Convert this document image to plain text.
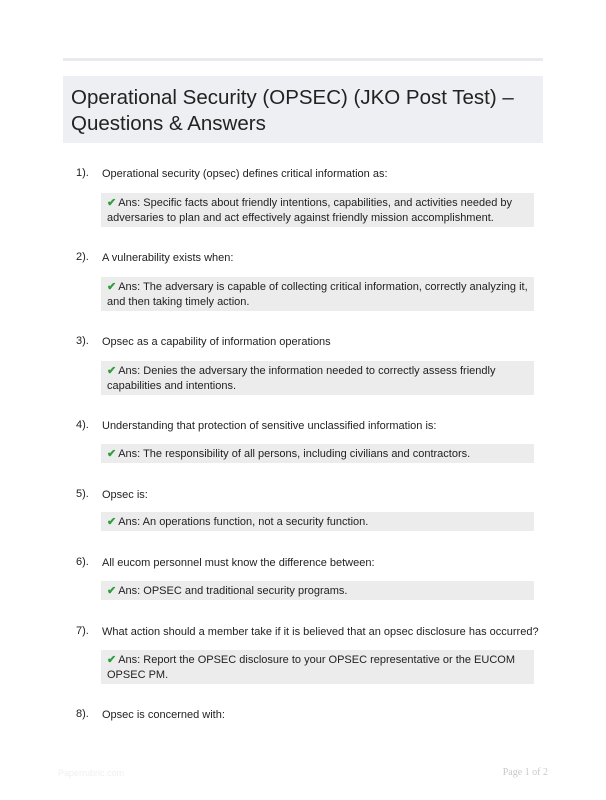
Operational Security (OPSEC) (JKO Post Test) –
Questions & Answers
1). Operational security (opsec) defines critical information as:
✔ Ans: Specific facts about friendly intentions, capabilities, and activities needed by adversaries to plan and act effectively against friendly mission accomplishment.
2). A vulnerability exists when:
✔ Ans: The adversary is capable of collecting critical information, correctly analyzing it, and then taking timely action.
3). Opsec as a capability of information operations
✔ Ans: Denies the adversary the information needed to correctly assess friendly capabilities and intentions.
4). Understanding that protection of sensitive unclassified information is:
✔ Ans: The responsibility of all persons, including civilians and contractors.
5). Opsec is:
✔ Ans: An operations function, not a security function.
6). All eucom personnel must know the difference between:
✔ Ans: OPSEC and traditional security programs.
7). What action should a member take if it is believed that an opsec disclosure has occurred?
✔ Ans: Report the OPSEC disclosure to your OPSEC representative or the EUCOM OPSEC PM.
8). Opsec is concerned with:
Paperrubric.com	Page 1 of 2
